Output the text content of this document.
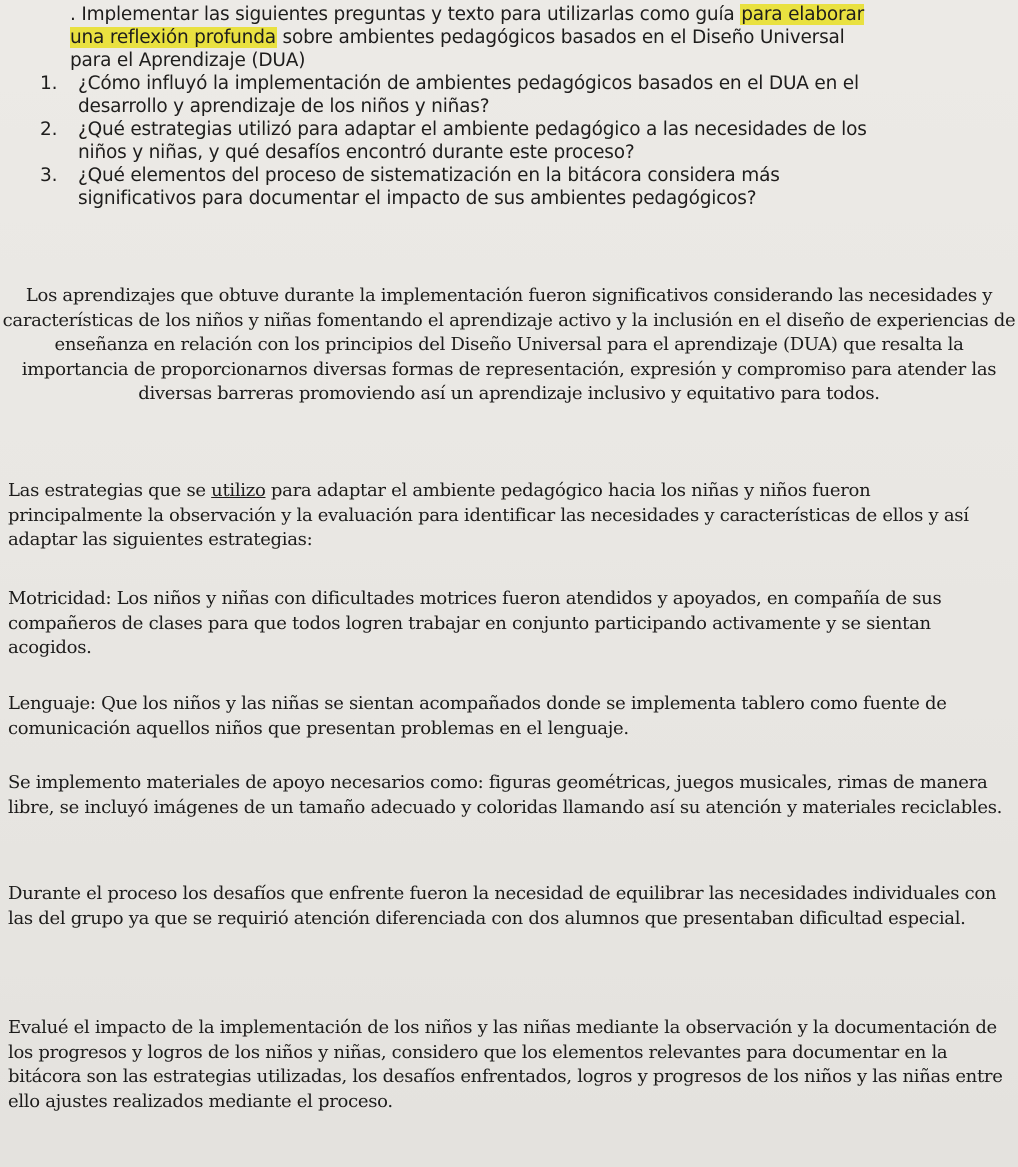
. Implementar las siguientes preguntas y texto para utilizarlas como guía para elaborar una reflexión profunda sobre ambientes pedagógicos basados en el Diseño Universal para el Aprendizaje (DUA)

1. ¿Cómo influyó la implementación de ambientes pedagógicos basados en el DUA en el desarrollo y aprendizaje de los niños y niñas?
2. ¿Qué estrategias utilizó para adaptar el ambiente pedagógico a las necesidades de los niños y niñas, y qué desafíos encontró durante este proceso?
3. ¿Qué elementos del proceso de sistematización en la bitácora considera más significativos para documentar el impacto de sus ambientes pedagógicos?

Los aprendizajes que obtuve durante la implementación fueron significativos considerando las necesidades y características de los niños y niñas fomentando el aprendizaje activo y la inclusión en el diseño de experiencias de enseñanza en relación con los principios del Diseño Universal para el aprendizaje (DUA) que resalta la importancia de proporcionarnos diversas formas de representación, expresión y compromiso para atender las diversas barreras promoviendo así un aprendizaje inclusivo y equitativo para todos.

Las estrategias que se utilizo para adaptar el ambiente pedagógico hacia los niñas y niños fueron principalmente la observación y la evaluación para identificar las necesidades y características de ellos y así adaptar las siguientes estrategias:

Motricidad: Los niños y niñas con dificultades motrices fueron atendidos y apoyados, en compañía de sus compañeros de clases para que todos logren trabajar en conjunto participando activamente y se sientan acogidos.

Lenguaje: Que los niños y las niñas se sientan acompañados donde se implementa tablero como fuente de comunicación aquellos niños que presentan problemas en el lenguaje.

Se implemento materiales de apoyo necesarios como: figuras geométricas, juegos musicales, rimas de manera libre, se incluyó imágenes de un tamaño adecuado y coloridas llamando así su atención y materiales reciclables.

Durante el proceso los desafíos que enfrente fueron la necesidad de equilibrar las necesidades individuales con las del grupo ya que se requirió atención diferenciada con dos alumnos que presentaban dificultad especial.

Evalué el impacto de la implementación de los niños y las niñas mediante la observación y la documentación de los progresos y logros de los niños y niñas, considero que los elementos relevantes para documentar en la bitácora son las estrategias utilizadas, los desafíos enfrentados, logros y progresos de los niños y las niñas entre ello ajustes realizados mediante el proceso.
